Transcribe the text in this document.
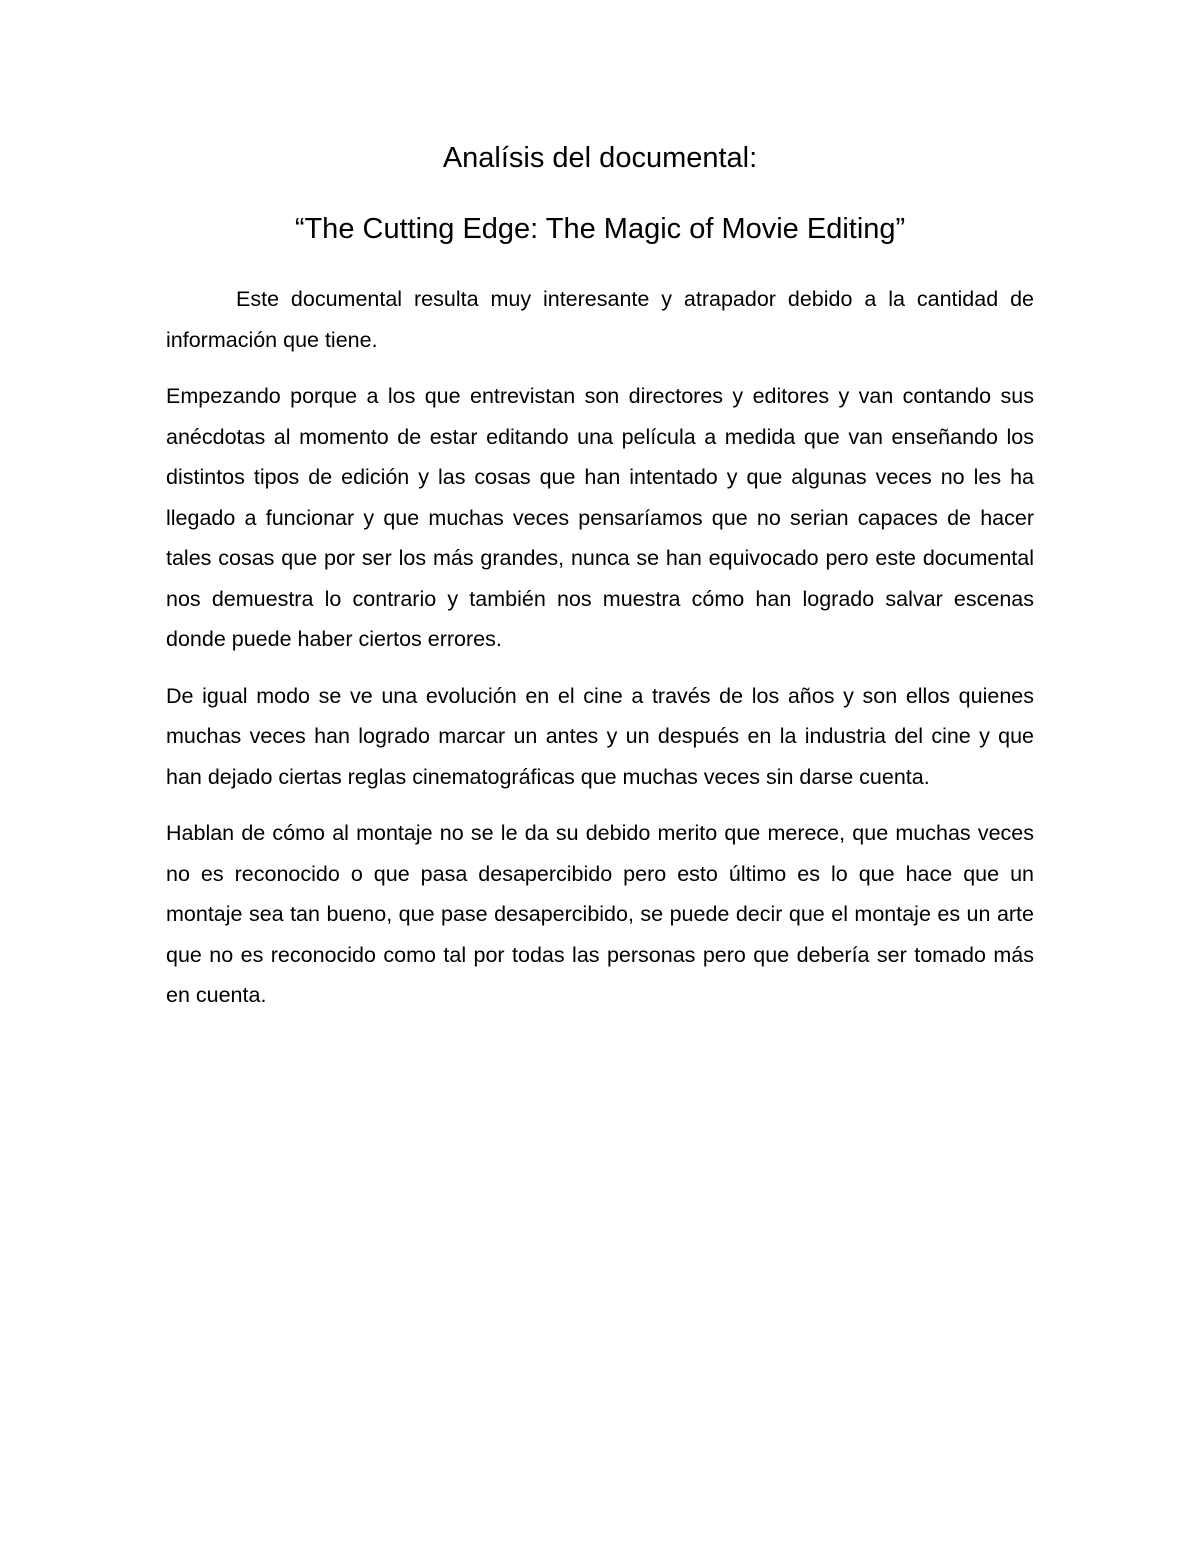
Analísis del documental:
“The Cutting Edge: The Magic of Movie Editing”

Este documental resulta muy interesante y atrapador debido a la cantidad de información que tiene.

Empezando porque a los que entrevistan son directores y editores y van contando sus anécdotas al momento de estar editando una película a medida que van enseñando los distintos tipos de edición y las cosas que han intentado y que algunas veces no les ha llegado a funcionar y que muchas veces pensaríamos que no serian capaces de hacer tales cosas que por ser los más grandes, nunca se han equivocado pero este documental nos demuestra lo contrario y también nos muestra cómo han logrado salvar escenas donde puede haber ciertos errores.

De igual modo se ve una evolución en el cine a través de los años y son ellos quienes muchas veces han logrado marcar un antes y un después en la industria del cine y que han dejado ciertas reglas cinematográficas que muchas veces sin darse cuenta.

Hablan de cómo al montaje no se le da su debido merito que merece, que muchas veces no es reconocido o que pasa desapercibido pero esto último es lo que hace que un montaje sea tan bueno, que pase desapercibido, se puede decir que el montaje es un arte que no es reconocido como tal por todas las personas pero que debería ser tomado más en cuenta.
